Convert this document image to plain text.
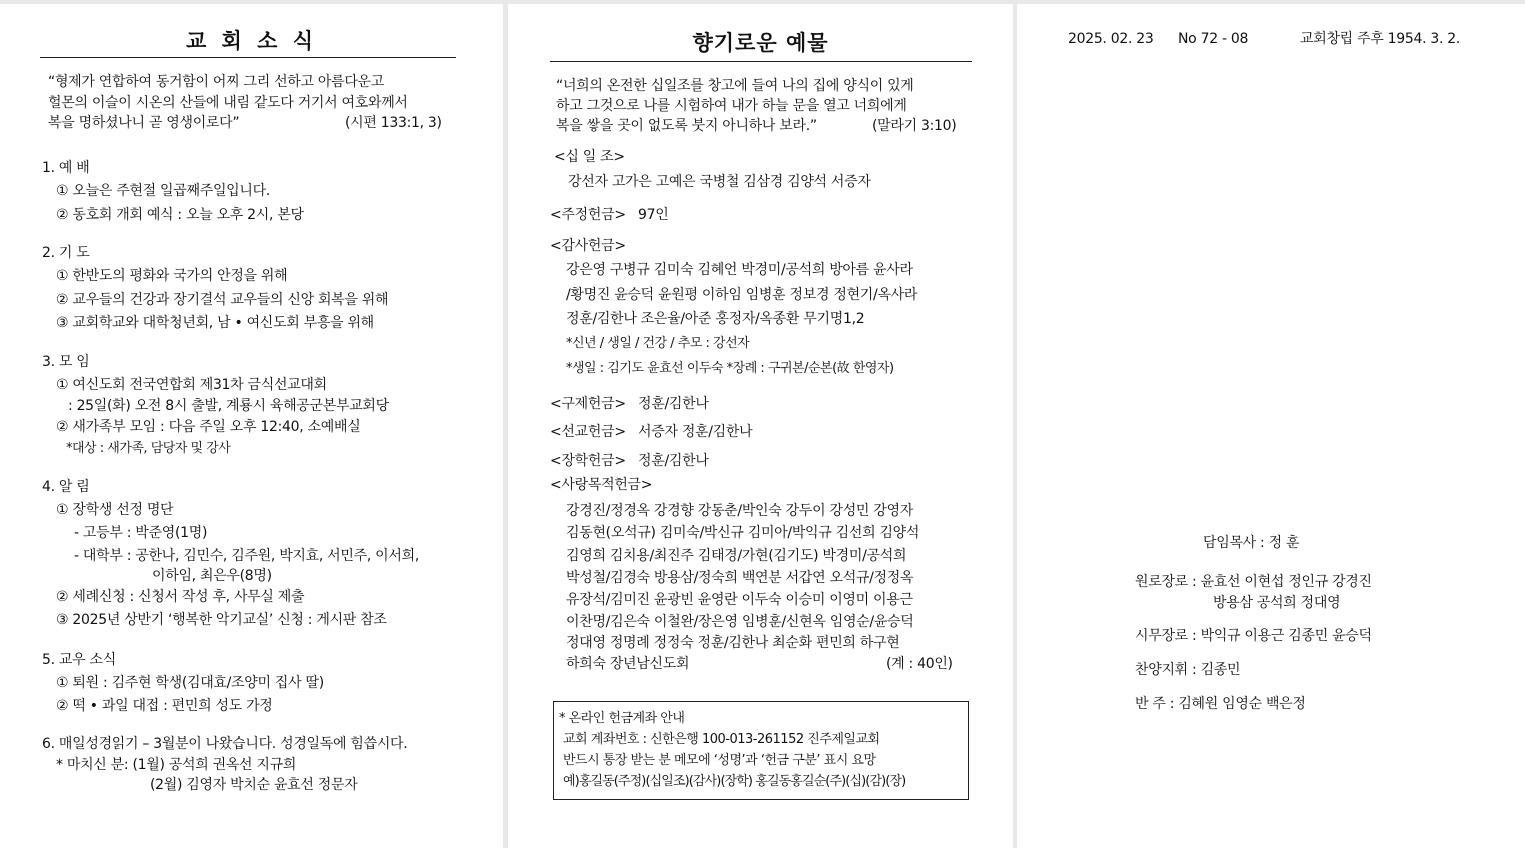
교 회 소 식
“형제가 연합하여 동거함이 어찌 그리 선하고 아름다운고
헐몬의 이슬이 시온의 산들에 내림 같도다 거기서 여호와께서
복을 명하셨나니 곧 영생이로다”	(시편 133:1, 3)
1. 예 배
① 오늘은 주현절 일곱째주일입니다.
② 동호회 개회 예식 : 오늘 오후 2시, 본당
2. 기 도
① 한반도의 평화와 국가의 안정을 위해
② 교우들의 건강과 장기결석 교우들의 신앙 회복을 위해
③ 교회학교와 대학청년회, 남 • 여신도회 부흥을 위해
3. 모 임
① 여신도회 전국연합회 제31차 금식선교대회
: 25일(화) 오전 8시 출발, 계룡시 육해공군본부교회당
② 새가족부 모임 : 다음 주일 오후 12:40, 소예배실
*대상 : 새가족, 담당자 및 강사
4. 알 림
① 장학생 선정 명단
- 고등부 : 박준영(1명)
- 대학부 : 공한나, 김민수, 김주원, 박지효, 서민주, 이서희,
이하임, 최은우(8명)
② 세례신청 : 신청서 작성 후, 사무실 제출
③ 2025년 상반기 ‘행복한 악기교실’ 신청 : 게시판 참조
5. 교우 소식
① 퇴원 : 김주현 학생(김대효/조양미 집사 딸)
② 떡 • 과일 대접 : 편민희 성도 가정
6. 매일성경읽기 – 3월분이 나왔습니다. 성경일독에 힘씁시다.
* 마치신 분: (1월) 공석희 권옥선 지규희
(2월) 김영자 박치순 윤효선 정문자
향기로운 예물
“너희의 온전한 십일조를 창고에 들여 나의 집에 양식이 있게
하고 그것으로 나를 시험하여 내가 하늘 문을 열고 너희에게
복을 쌓을 곳이 없도록 붓지 아니하나 보라.”	(말라기 3:10)
<십 일 조>
강선자 고가은 고예은 국병철 김삼경 김양석 서증자
<주정헌금> 97인
<감사헌금>
강은영 구병규 김미숙 김혜언 박경미/공석희 방아름 윤사라
/황명진 윤승덕 윤원평 이하임 임병훈 정보경 정현기/옥사라
정훈/김한나 조은율/아준 홍정자/옥종환 무기명1,2
*신년 / 생일 / 건강 / 추모 : 강선자
*생일 : 김기도 윤효선 이두숙 *장례 : 구귀본/순본(故 한영자)
<구제헌금> 정훈/김한나
<선교헌금> 서증자 정훈/김한나
<장학헌금> 정훈/김한나
<사랑목적헌금>
강경진/정경옥 강경향 강동춘/박인숙 강두이 강성민 강영자
김동현(오석규) 김미숙/박신규 김미아/박익규 김선희 김양석
김영희 김치용/최진주 김태경/가현(김기도) 박경미/공석희
박성철/김경숙 방용삼/정숙희 백연분 서갑연 오석규/정정옥
유장석/김미진 윤광빈 윤영란 이두숙 이승미 이영미 이용근
이찬명/김은숙 이철완/장은영 임병훈/신현옥 임영순/윤승덕
정대영 정명례 정정숙 정훈/김한나 최순화 편민희 하구현
하희숙 장년남신도회	(계 : 40인)
* 온라인 헌금계좌 안내
교회 계좌번호 : 신한은행 100-013-261152 진주제일교회
반드시 통장 받는 분 메모에 ‘성명’과 ‘헌금 구분’ 표시 요망
예)홍길동(주정)(십일조)(감사)(장학) 홍길동홍길순(주)(십)(감)(장)
2025. 02. 23 No 72 - 08	교회창립 주후 1954. 3. 2.
담임목사 : 정 훈
원로장로 : 윤효선 이현섭 정인규 강경진
방용삼 공석희 정대영
시무장로 : 박익규 이용근 김종민 윤승덕
찬양지휘 : 김종민
반 주 : 김혜원 임영순 백은정
